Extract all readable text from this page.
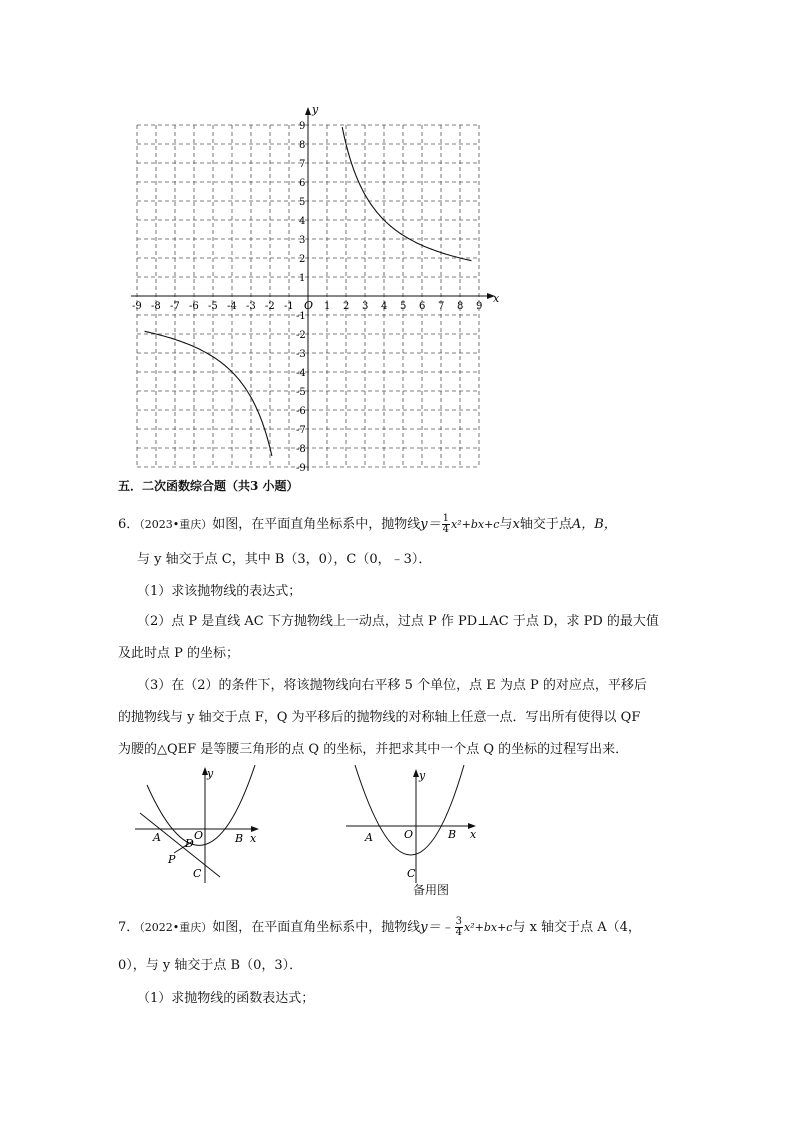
-9 -8 -7 -6 -5 -4 -3 -2 -1	1 2 3 4 5 6 7 8 9
9
8
7
6
5
4
3
2
1
-1
-2
-3
-4
-5
-6
-7
-8
-9
x
y
O
五．二次函数综合题（共3 小题）
6．（2023•重庆）如图，在平面直角坐标系中，抛物线$y= \frac{1}{4} x^2+bx+c$与x轴交于点A，B，
与 y 轴交于点 C，其中 B（3，0），C（0，﹣3）．
（1）求该抛物线的表达式；
（2）点 P 是直线 AC 下方抛物线上一动点，过点 P 作 PD⊥AC 于点 D，求 PD 的最大值
及此时点 P 的坐标；
（3）在（2）的条件下，将该抛物线向右平移 5 个单位，点 E 为点 P 的对应点，平移后
的抛物线与 y 轴交于点 F，Q 为平移后的抛物线的对称轴上任意一点．写出所有使得以 QF
为腰的△QEF 是等腰三角形的点 Q 的坐标，并把求其中一个点 Q 的坐标的过程写出来．
y
x
O
A	B
C
D
P
y
x
O
A	B
C
备用图
7．（2022•重庆）如图，在平面直角坐标系中，抛物线y＝﹣ $\frac{3}{4} x^2+bx+c$与 x 轴交于点 A（4，
0），与 y 轴交于点 B（0，3）．
（1）求抛物线的函数表达式；
